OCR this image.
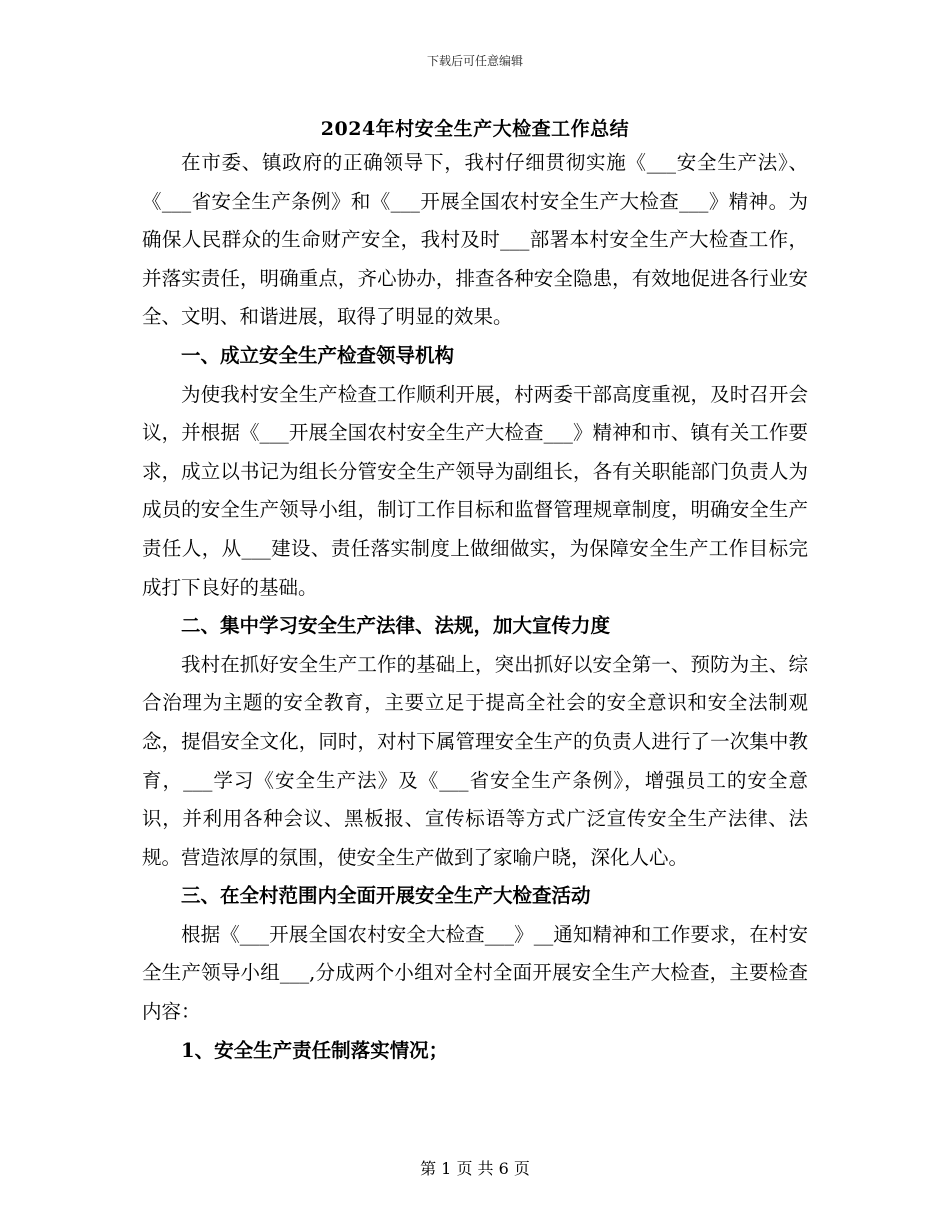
下载后可任意编辑
2024年村安全生产大检查工作总结

在市委、镇政府的正确领导下，我村仔细贯彻实施《___安全生产法》、《___省安全生产条例》和《___开展全国农村安全生产大检查___》精神。为确保人民群众的生命财产安全，我村及时___部署本村安全生产大检查工作，并落实责任，明确重点，齐心协办，排查各种安全隐患，有效地促进各行业安全、文明、和谐进展，取得了明显的效果。

一、成立安全生产检查领导机构

为使我村安全生产检查工作顺利开展，村两委干部高度重视，及时召开会议，并根据《___开展全国农村安全生产大检查___》精神和市、镇有关工作要求，成立以书记为组长分管安全生产领导为副组长，各有关职能部门负责人为成员的安全生产领导小组，制订工作目标和监督管理规章制度，明确安全生产责任人，从___建设、责任落实制度上做细做实，为保障安全生产工作目标完成打下良好的基础。

二、集中学习安全生产法律、法规，加大宣传力度

我村在抓好安全生产工作的基础上，突出抓好以安全第一、预防为主、综合治理为主题的安全教育，主要立足于提高全社会的安全意识和安全法制观念，提倡安全文化，同时，对村下属管理安全生产的负责人进行了一次集中教育，___学习《安全生产法》及《___省安全生产条例》，增强员工的安全意识，并利用各种会议、黑板报、宣传标语等方式广泛宣传安全生产法律、法规。营造浓厚的氛围，使安全生产做到了家喻户晓，深化人心。

三、在全村范围内全面开展安全生产大检查活动

根据《___开展全国农村安全大检查___》__通知精神和工作要求，在村安全生产领导小组___,分成两个小组对全村全面开展安全生产大检查，主要检查内容：

1、安全生产责任制落实情况；
第 1 页 共 6 页
